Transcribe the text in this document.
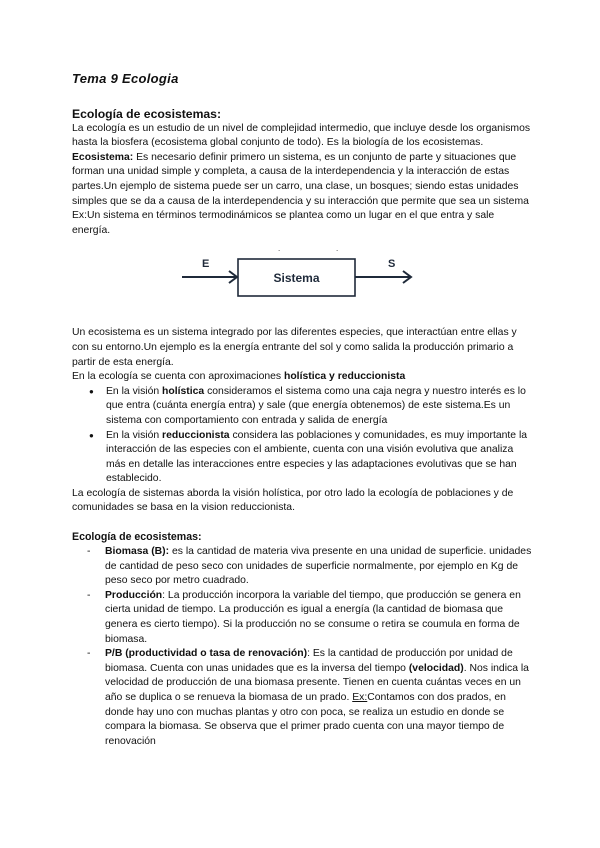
Tema 9 Ecologia
Ecología de ecosistemas:

La ecología es un estudio de un nivel de complejidad intermedio, que incluye desde los organismos hasta la biosfera (ecosistema global conjunto de todo). Es la biología de los ecosistemas.

Ecosistema: Es necesario definir primero un sistema, es un conjunto de parte y situaciones que forman una unidad simple y completa, a causa de la interdependencia y la interacción de estas partes.Un ejemplo de sistema puede ser un carro, una clase, un bosques; siendo estas unidades simples que se da a causa de la interdependencia y su interacción que permite que sea un sistema

Ex:Un sistema en términos termodinámicos se plantea como un lugar en el que entra y sale energía.

.	.
E
Sistema
S

Un ecosistema es un sistema integrado por las diferentes especies, que interactúan entre ellas y con su entorno.Un ejemplo es la energía entrante del sol y como salida la producción primario a partir de esta energía.

En la ecología se cuenta con aproximaciones holística y reduccionista

● En la visión holística consideramos el sistema como una caja negra y nuestro interés es lo que entra (cuánta energía entra) y sale (que energía obtenemos) de este sistema.Es un sistema con comportamiento con entrada y salida de energía
● En la visión reduccionista considera las poblaciones y comunidades, es muy importante la interacción de las especies con el ambiente, cuenta con una visión evolutiva que analiza más en detalle las interacciones entre especies y las adaptaciones evolutivas que se han establecido.

La ecología de sistemas aborda la visión holística, por otro lado la ecología de poblaciones y de comunidades se basa en la vision reduccionista.

Ecología de ecosistemas:
- Biomasa (B): es la cantidad de materia viva presente en una unidad de superficie. unidades de cantidad de peso seco con unidades de superficie normalmente, por ejemplo en Kg de peso seco por metro cuadrado.
- Producción: La producción incorpora la variable del tiempo, que producción se genera en cierta unidad de tiempo. La producción es igual a energía (la cantidad de biomasa que genera es cierto tiempo). Si la producción no se consume o retira se coumula en forma de biomasa.
- P/B (productividad o tasa de renovación): Es la cantidad de producción por unidad de biomasa. Cuenta con unas unidades que es la inversa del tiempo (velocidad). Nos indica la velocidad de producción de una biomasa presente. Tienen en cuenta cuántas veces en un año se duplica o se renueva la biomasa de un prado. Ex:Contamos con dos prados, en donde hay uno con muchas plantas y otro con poca, se realiza un estudio en donde se compara la biomasa. Se observa que el primer prado cuenta con una mayor tiempo de renovación
